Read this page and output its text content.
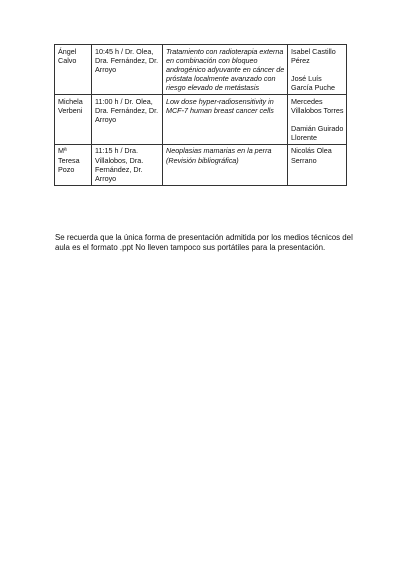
Ángel Calvo	10:45 h / Dr. Olea, Dra. Fernández, Dr. Arroyo	Tratamiento con radioterapia externa en combinación con bloqueo androgénico adyuvante en cáncer de próstata localmente avanzado con riesgo elevado de metástasis	Isabel Castillo Pérez
José Luís García Puche

Michela Verbeni	11:00 h / Dr. Olea, Dra. Fernández, Dr. Arroyo	Low dose hyper-radiosensitivity in MCF-7 human breast cancer cells	Mercedes Villalobos Torres
Damián Guirado Llorente

Mª Teresa Pozo	11:15 h / Dra. Villalobos, Dra. Fernández, Dr. Arroyo	Neoplasias mamarias en la perra (Revisión bibliográfica)	Nicolás Olea Serrano

Se recuerda que la única forma de presentación admitida por los medios técnicos del aula es el formato .ppt No lleven tampoco sus portátiles para la presentación.
